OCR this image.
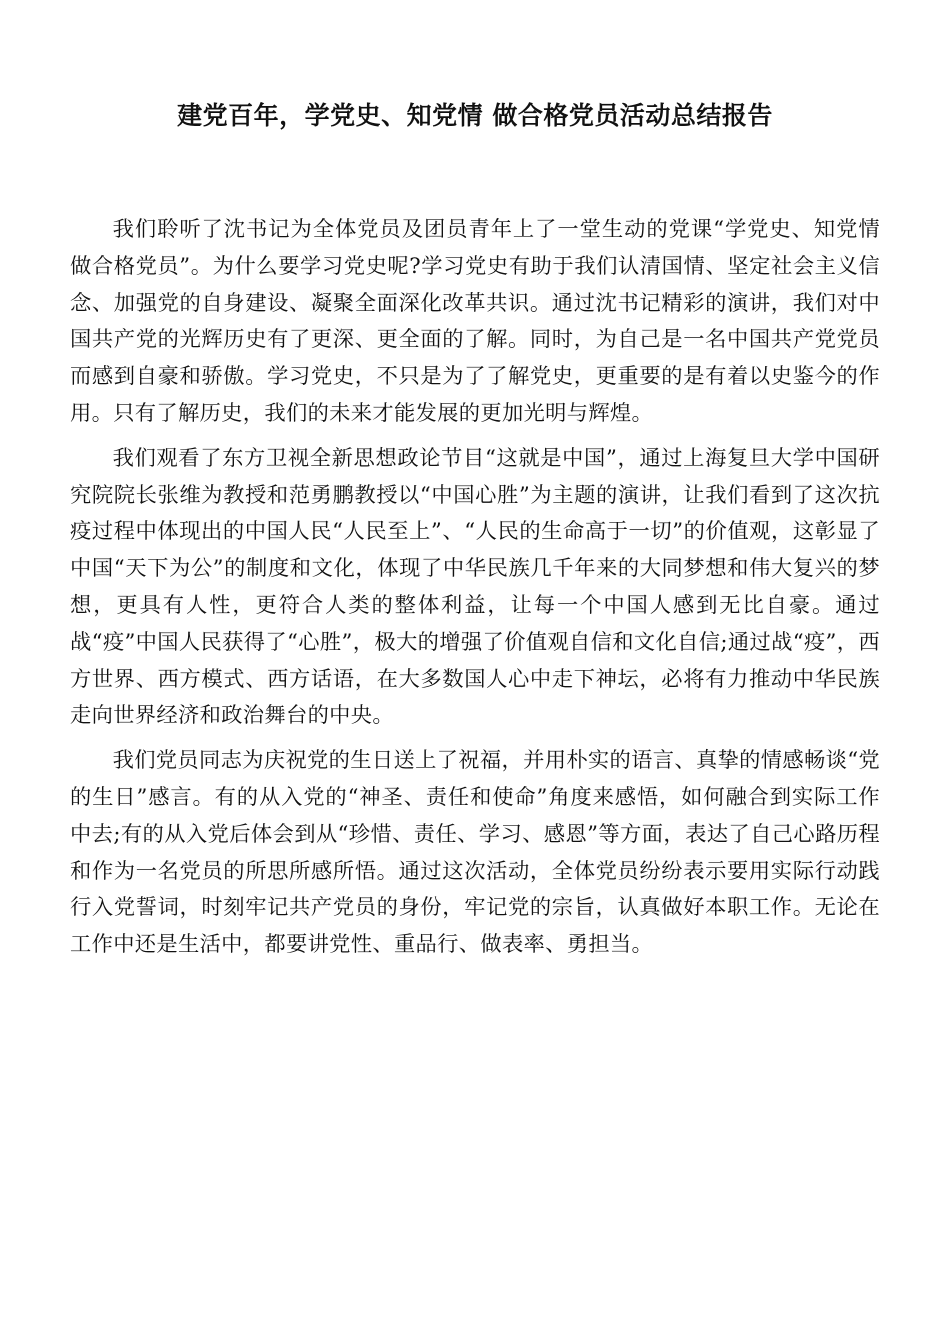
建党百年，学党史、知党情 做合格党员活动总结报告

我们聆听了沈书记为全体党员及团员青年上了一堂生动的党课“学党史、知党情 做合格党员”。为什么要学习党史呢?学习党史有助于我们认清国情、坚定社会主义信念、加强党的自身建设、凝聚全面深化改革共识。通过沈书记精彩的演讲，我们对中国共产党的光辉历史有了更深、更全面的了解。同时，为自己是一名中国共产党党员而感到自豪和骄傲。学习党史，不只是为了了解党史，更重要的是有着以史鉴今的作用。只有了解历史，我们的未来才能发展的更加光明与辉煌。

我们观看了东方卫视全新思想政论节目“这就是中国”，通过上海复旦大学中国研究院院长张维为教授和范勇鹏教授以“中国心胜”为主题的演讲，让我们看到了这次抗疫过程中体现出的中国人民“人民至上”、“人民的生命高于一切”的价值观，这彰显了中国“天下为公”的制度和文化，体现了中华民族几千年来的大同梦想和伟大复兴的梦想，更具有人性，更符合人类的整体利益，让每一个中国人感到无比自豪。通过战“疫”中国人民获得了“心胜”，极大的增强了价值观自信和文化自信;通过战“疫”，西方世界、西方模式、西方话语，在大多数国人心中走下神坛，必将有力推动中华民族走向世界经济和政治舞台的中央。

我们党员同志为庆祝党的生日送上了祝福，并用朴实的语言、真挚的情感畅谈“党的生日”感言。有的从入党的“神圣、责任和使命”角度来感悟，如何融合到实际工作中去;有的从入党后体会到从“珍惜、责任、学习、感恩”等方面，表达了自己心路历程和作为一名党员的所思所感所悟。通过这次活动，全体党员纷纷表示要用实际行动践行入党誓词，时刻牢记共产党员的身份，牢记党的宗旨，认真做好本职工作。无论在工作中还是生活中，都要讲党性、重品行、做表率、勇担当。
